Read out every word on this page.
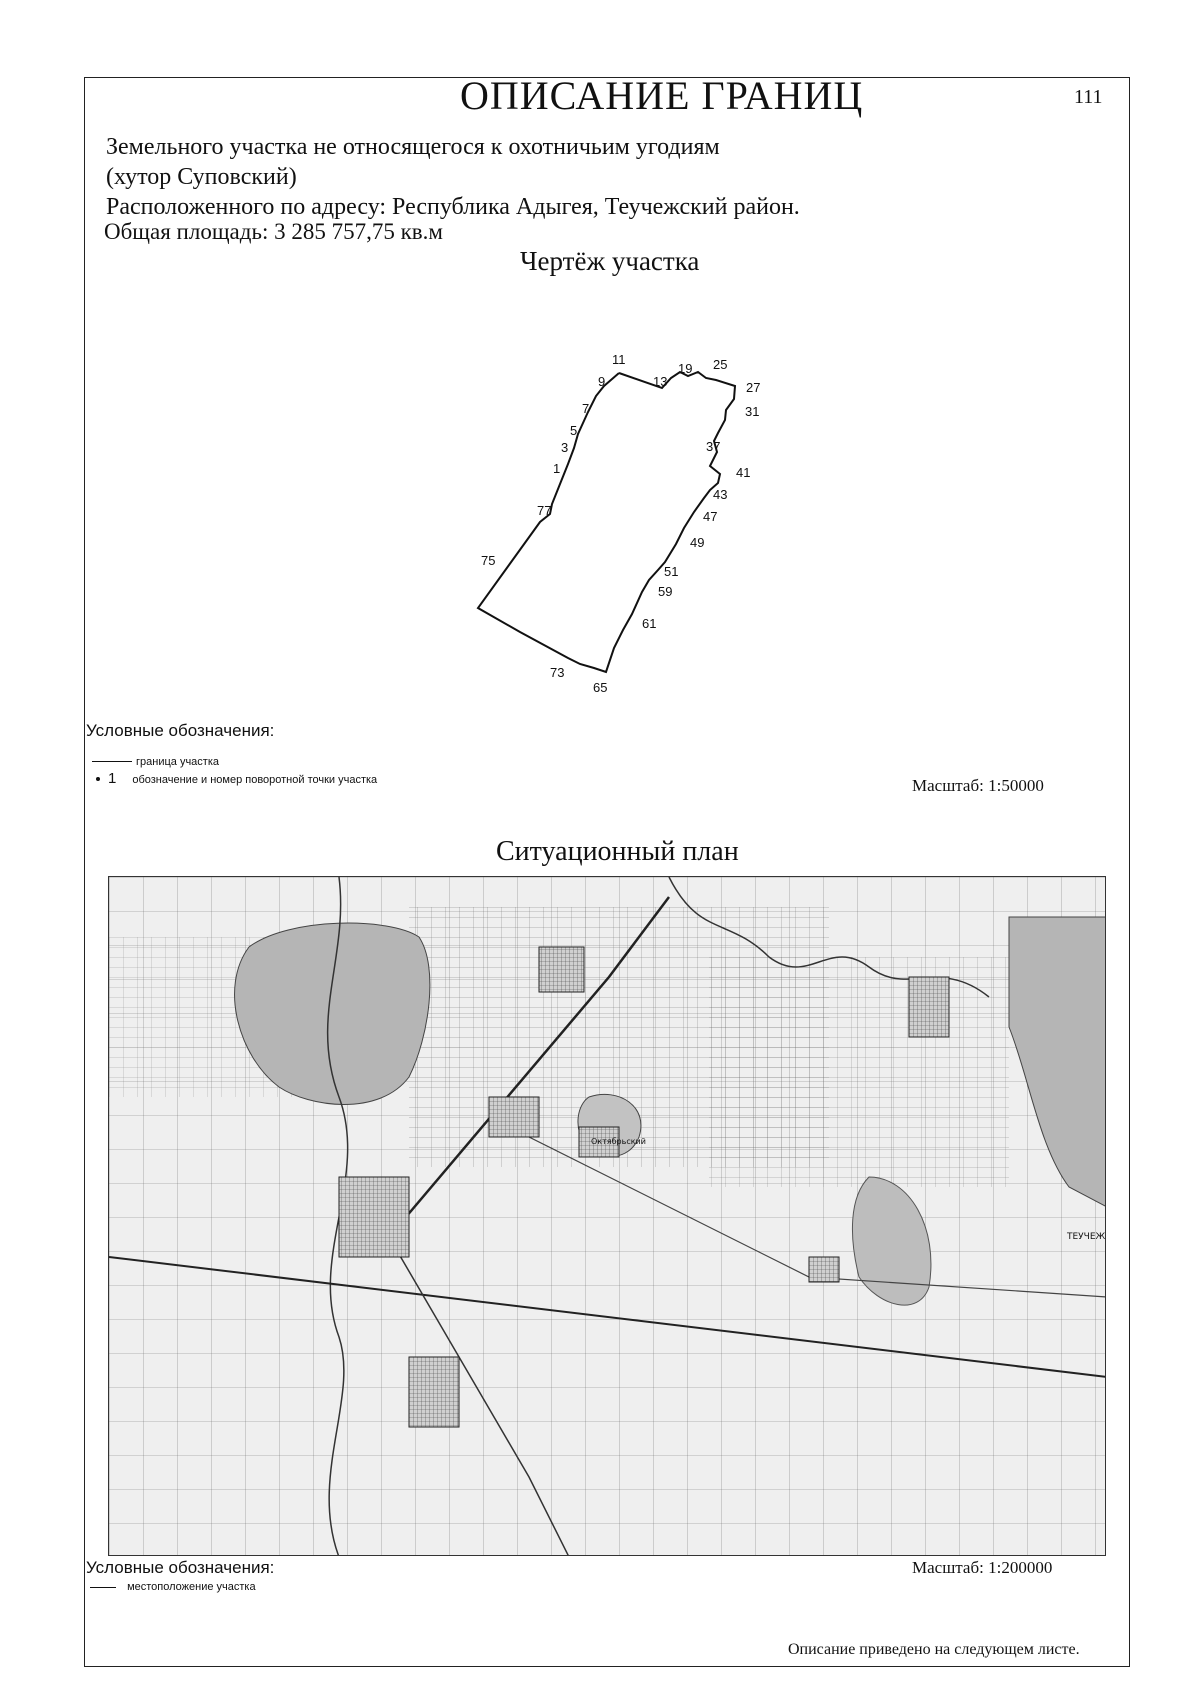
ОПИСАНИЕ ГРАНИЦ	111
Земельного участка не относящегося к охотничьим угодиям
(хутор Суповский)
Расположенного по адресу: Республика Адыгея, Теучежский район.
Общая площадь: 3 285 757,75 кв.м
Чертёж участка
1
3
5
7
9
11
13
19 25
27
31
37
41
43
47
49
51
59
61
65
73
75
77
Условные обозначения:
граница участка
1 обозначение и номер поворотной точки участка	Масштаб: 1:50000
Ситуационный план
Октябрьский
ТЕУЧЕЖ
Условные обозначения:	Масштаб: 1:200000
местоположение участка
Описание приведено на следующем листе.
